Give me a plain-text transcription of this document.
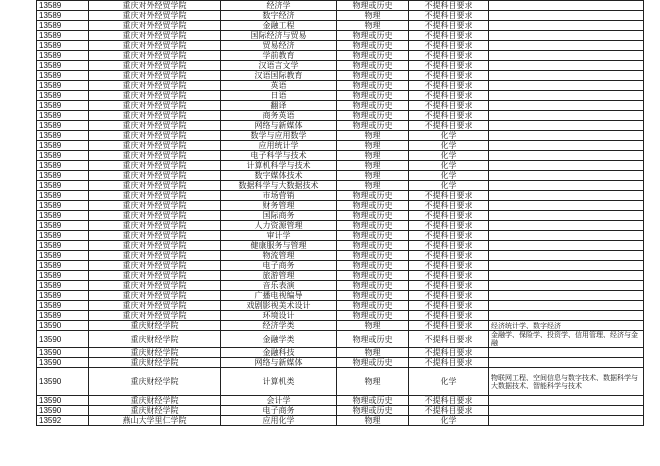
13589	重庆对外经贸学院	经济学	物理或历史	不提科目要求	
13589	重庆对外经贸学院	数字经济	物理	不提科目要求	
13589	重庆对外经贸学院	金融工程	物理	不提科目要求	
13589	重庆对外经贸学院	国际经济与贸易	物理或历史	不提科目要求	
13589	重庆对外经贸学院	贸易经济	物理或历史	不提科目要求	
13589	重庆对外经贸学院	学前教育	物理或历史	不提科目要求	
13589	重庆对外经贸学院	汉语言文学	物理或历史	不提科目要求	
13589	重庆对外经贸学院	汉语国际教育	物理或历史	不提科目要求	
13589	重庆对外经贸学院	英语	物理或历史	不提科目要求	
13589	重庆对外经贸学院	日语	物理或历史	不提科目要求	
13589	重庆对外经贸学院	翻译	物理或历史	不提科目要求	
13589	重庆对外经贸学院	商务英语	物理或历史	不提科目要求	
13589	重庆对外经贸学院	网络与新媒体	物理或历史	不提科目要求	
13589	重庆对外经贸学院	数学与应用数学	物理	化学	
13589	重庆对外经贸学院	应用统计学	物理	化学	
13589	重庆对外经贸学院	电子科学与技术	物理	化学	
13589	重庆对外经贸学院	计算机科学与技术	物理	化学	
13589	重庆对外经贸学院	数字媒体技术	物理	化学	
13589	重庆对外经贸学院	数据科学与大数据技术	物理	化学	
13589	重庆对外经贸学院	市场营销	物理或历史	不提科目要求	
13589	重庆对外经贸学院	财务管理	物理或历史	不提科目要求	
13589	重庆对外经贸学院	国际商务	物理或历史	不提科目要求	
13589	重庆对外经贸学院	人力资源管理	物理或历史	不提科目要求	
13589	重庆对外经贸学院	审计学	物理或历史	不提科目要求	
13589	重庆对外经贸学院	健康服务与管理	物理或历史	不提科目要求	
13589	重庆对外经贸学院	物流管理	物理或历史	不提科目要求	
13589	重庆对外经贸学院	电子商务	物理或历史	不提科目要求	
13589	重庆对外经贸学院	旅游管理	物理或历史	不提科目要求	
13589	重庆对外经贸学院	音乐表演	物理或历史	不提科目要求	
13589	重庆对外经贸学院	广播电视编导	物理或历史	不提科目要求	
13589	重庆对外经贸学院	戏剧影视美术设计	物理或历史	不提科目要求	
13589	重庆对外经贸学院	环境设计	物理或历史	不提科目要求	
13590	重庆财经学院	经济学类	物理	不提科目要求	经济统计学、数字经济
13590	重庆财经学院	金融学类	物理或历史	不提科目要求	金融学、保险学、投资学、信用管理、经济与金融
13590	重庆财经学院	金融科技	物理	不提科目要求	
13590	重庆财经学院	网络与新媒体	物理或历史	不提科目要求	
13590	重庆财经学院	计算机类	物理	化学	物联网工程、空间信息与数字技术、数据科学与大数据技术、智能科学与技术
13590	重庆财经学院	会计学	物理或历史	不提科目要求	
13590	重庆财经学院	电子商务	物理或历史	不提科目要求	
13592	燕山大学里仁学院	应用化学	物理	化学	
